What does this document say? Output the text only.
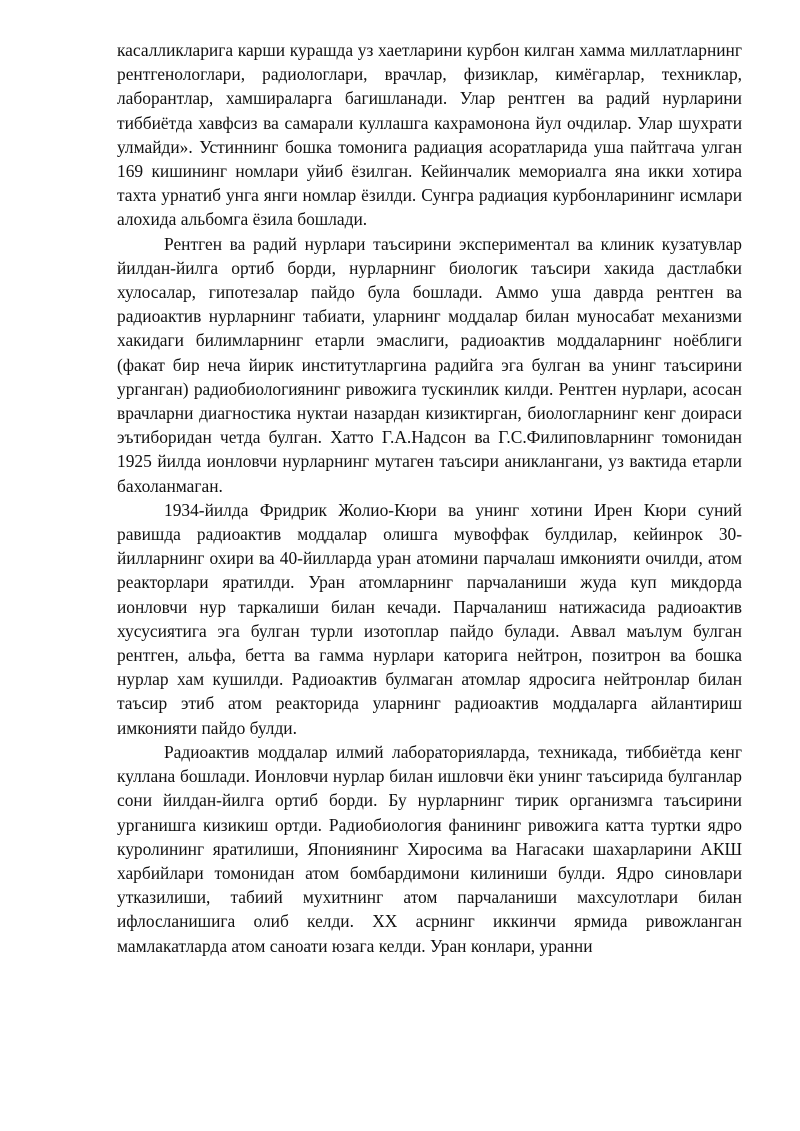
касалликларига карши курашда уз хаетларини курбон килган хамма миллатларнинг рентгенологлари, радиологлари, врачлар, физиклар, кимёгарлар, техниклар, лаборантлар, хамшираларга багишланади. Улар рентген ва радий нурларини тиббиётда хавфсиз ва самарали куллашга кахрамонона йул очдилар. Улар шухрати улмайди». Устиннинг бошка томонига радиация асоратларида уша пайтгача улган 169 кишининг номлари уйиб ёзилган. Кейинчалик мемориалга яна икки хотира тахта урнатиб унга янги номлар ёзилди. Сунгра радиация курбонларининг исмлари алохида альбомга ёзила бошлади.

Рентген ва радий нурлари таъсирини экспериментал ва клиник кузатувлар йилдан-йилга ортиб борди, нурларнинг биологик таъсири хакида дастлабки хулосалар, гипотезалар пайдо була бошлади. Аммо уша даврда рентген ва радиоактив нурларнинг табиати, уларнинг моддалар билан муносабат механизми хакидаги билимларнинг етарли эмаслиги, радиоактив моддаларнинг ноёблиги (факат бир неча йирик институтларгина радийга эга булган ва унинг таъсирини урганган) радиобиологиянинг ривожига тускинлик килди. Рентген нурлари, асосан врачларни диагностика нуктаи назардан кизиктирган, биологларнинг кенг доираси эътиборидан четда булган. Хатто Г.А.Надсон ва Г.С.Филиповларнинг томонидан 1925 йилда ионловчи нурларнинг мутаген таъсири аниклангани, уз вактида етарли бахоланмаган.

1934-йилда Фридрик Жолио-Кюри ва унинг хотини Ирен Кюри суний равишда радиоактив моддалар олишга мувоффак булдилар, кейинрок 30-йилларнинг охири ва 40-йилларда уран атомини парчалаш имконияти очилди, атом реакторлари яратилди. Уран атомларнинг парчаланиши жуда куп микдорда ионловчи нур таркалиши билан кечади. Парчаланиш натижасида радиоактив хусусиятига эга булган турли изотоплар пайдо булади. Аввал маълум булган рентген, альфа, бетта ва гамма нурлари каторига нейтрон, позитрон ва бошка нурлар хам кушилди. Радиоактив булмаган атомлар ядросига нейтронлар билан таъсир этиб атом реакторида уларнинг радиоактив моддаларга айлантириш имконияти пайдо булди.

Радиоактив моддалар илмий лабораторияларда, техникада, тиббиётда кенг куллана бошлади. Ионловчи нурлар билан ишловчи ёки унинг таъсирида булганлар сони йилдан-йилга ортиб борди. Бу нурларнинг тирик организмга таъсирини урганишга кизикиш ортди. Радиобиология фанининг ривожига катта туртки ядро куролининг яратилиши, Япониянинг Хиросима ва Нагасаки шахарларини АКШ харбийлари томонидан атом бомбардимони килиниши булди. Ядро синовлари утказилиши, табиий мухитнинг атом парчаланиши махсулотлари билан ифлосланишига олиб келди. ХХ асрнинг иккинчи ярмида ривожланган мамлакатларда атом саноати юзага келди. Уран конлари, уранни
